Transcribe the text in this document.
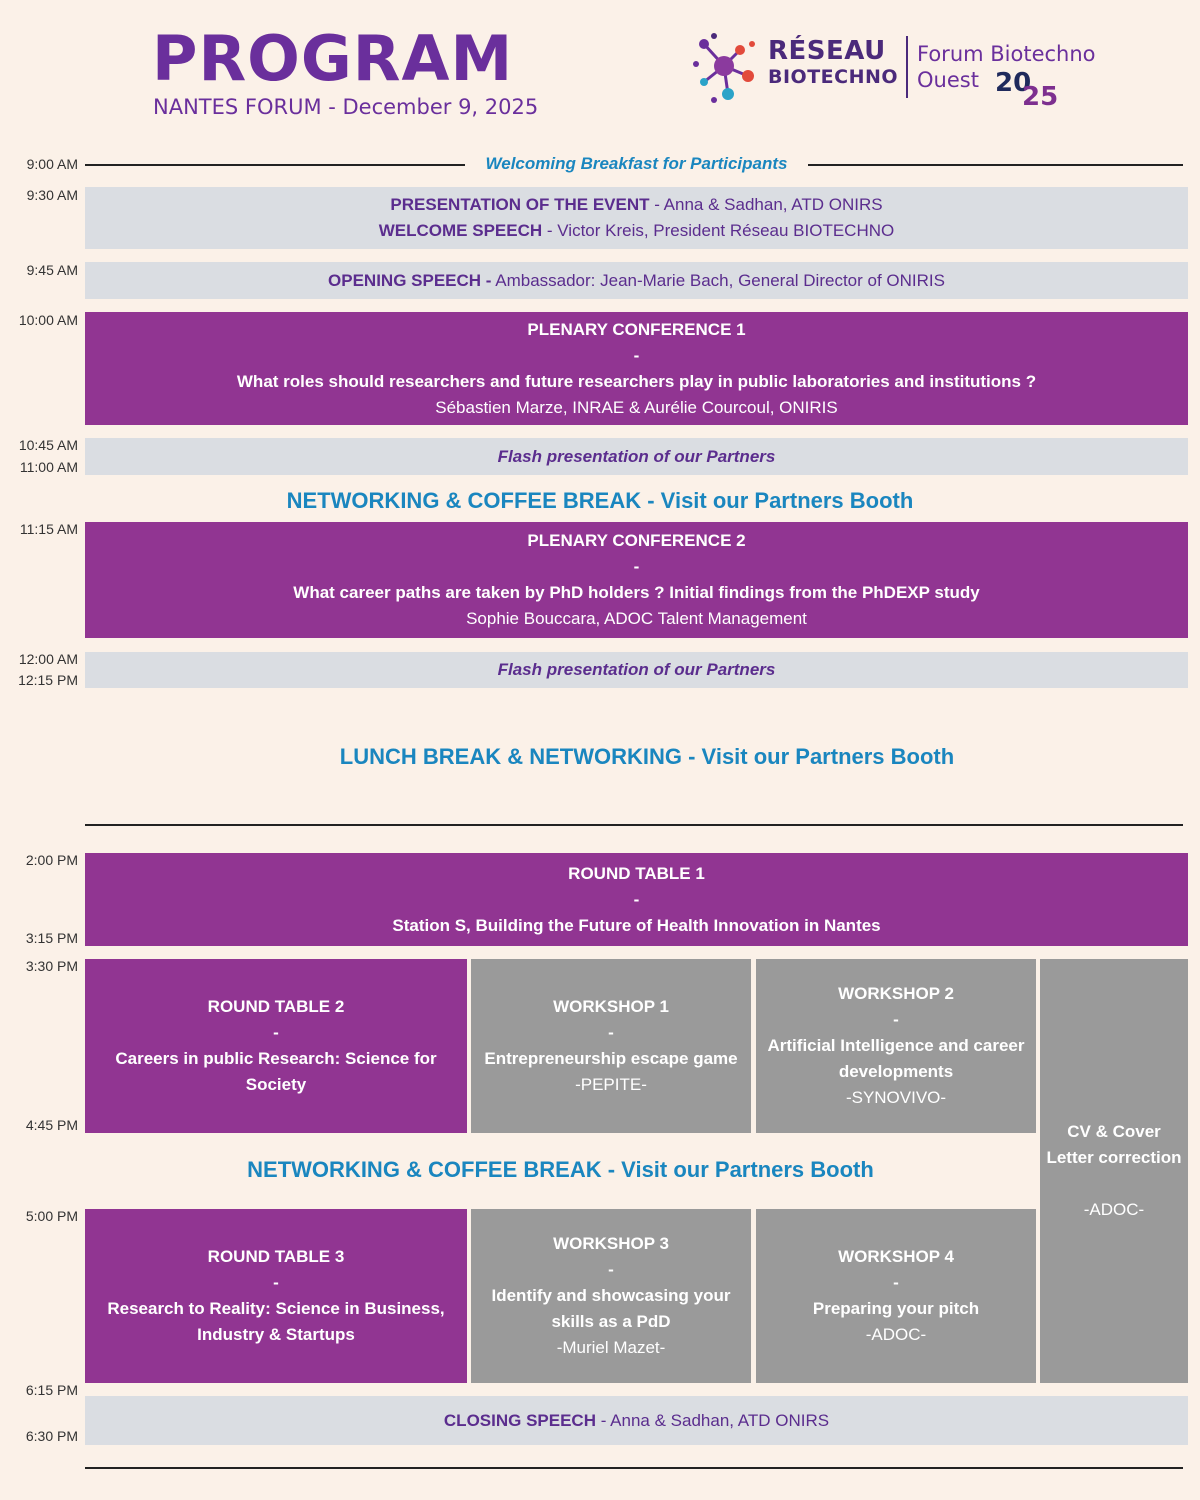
PROGRAM
NANTES FORUM - December 9, 2025
RÉSEAU
BIOTECHNO
Forum Biotechno
Ouest 20
25
9:00 AM
9:30 AM
9:45 AM
10:00 AM
10:45 AM
11:00 AM
11:15 AM
12:00 AM
12:15 PM
2:00 PM
3:15 PM
3:30 PM
4:45 PM
5:00 PM
6:15 PM
6:30 PM
Welcoming Breakfast for Participants
PRESENTATION OF THE EVENT - Anna & Sadhan, ATD ONIRS
WELCOME SPEECH - Victor Kreis, President Réseau BIOTECHNO
OPENING SPEECH - Ambassador: Jean-Marie Bach, General Director of ONIRIS
PLENARY CONFERENCE 1
-
What roles should researchers and future researchers play in public laboratories and institutions ?
Sébastien Marze, INRAE & Aurélie Courcoul, ONIRIS
Flash presentation of our Partners
NETWORKING & COFFEE BREAK - Visit our Partners Booth
PLENARY CONFERENCE 2
-
What career paths are taken by PhD holders ? Initial findings from the PhDEXP study
Sophie Bouccara, ADOC Talent Management
Flash presentation of our Partners
LUNCH BREAK & NETWORKING - Visit our Partners Booth
ROUND TABLE 1
-
Station S, Building the Future of Health Innovation in Nantes
ROUND TABLE 2
-
Careers in public Research: Science for
Society
WORKSHOP 1
-
Entrepreneurship escape game
-PEPITE-
WORKSHOP 2
-
Artificial Intelligence and career
developments
-SYNOVIVO-
CV & Cover
Letter correction
-ADOC-
NETWORKING & COFFEE BREAK - Visit our Partners Booth
ROUND TABLE 3
-
Research to Reality: Science in Business,
Industry & Startups
WORKSHOP 3
-
Identify and showcasing your
skills as a PdD
-Muriel Mazet-
WORKSHOP 4
-
Preparing your pitch
-ADOC-
CLOSING SPEECH - Anna & Sadhan, ATD ONIRS
